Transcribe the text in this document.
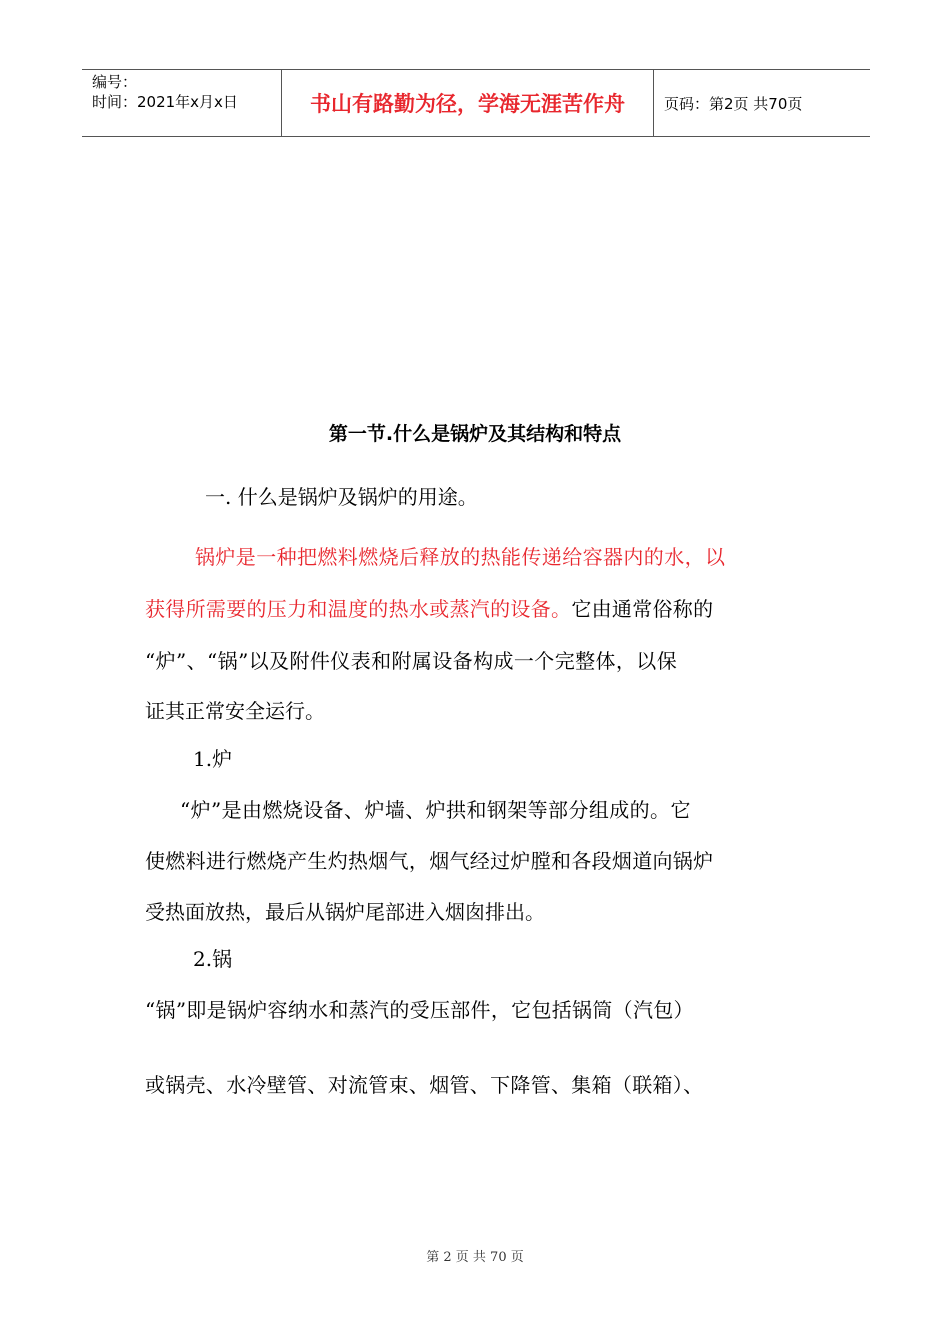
编号：
时间：2021年x月x日	书山有路勤为径，学海无涯苦作舟	页码：第2页 共70页
第一节.什么是锅炉及其结构和特点
一. 什么是锅炉及锅炉的用途。
锅炉是一种把燃料燃烧后释放的热能传递给容器内的水，以
获得所需要的压力和温度的热水或蒸汽的设备。它由通常俗称的
“炉”、“锅”以及附件仪表和附属设备构成一个完整体，以保
证其正常安全运行。
1.炉
“炉”是由燃烧设备、炉墙、炉拱和钢架等部分组成的。它
使燃料进行燃烧产生灼热烟气，烟气经过炉膛和各段烟道向锅炉
受热面放热，最后从锅炉尾部进入烟囱排出。
2.锅
“锅”即是锅炉容纳水和蒸汽的受压部件，它包括锅筒（汽包）
或锅壳、水冷壁管、对流管束、烟管、下降管、集箱（联箱）、
第 2 页 共 70 页
